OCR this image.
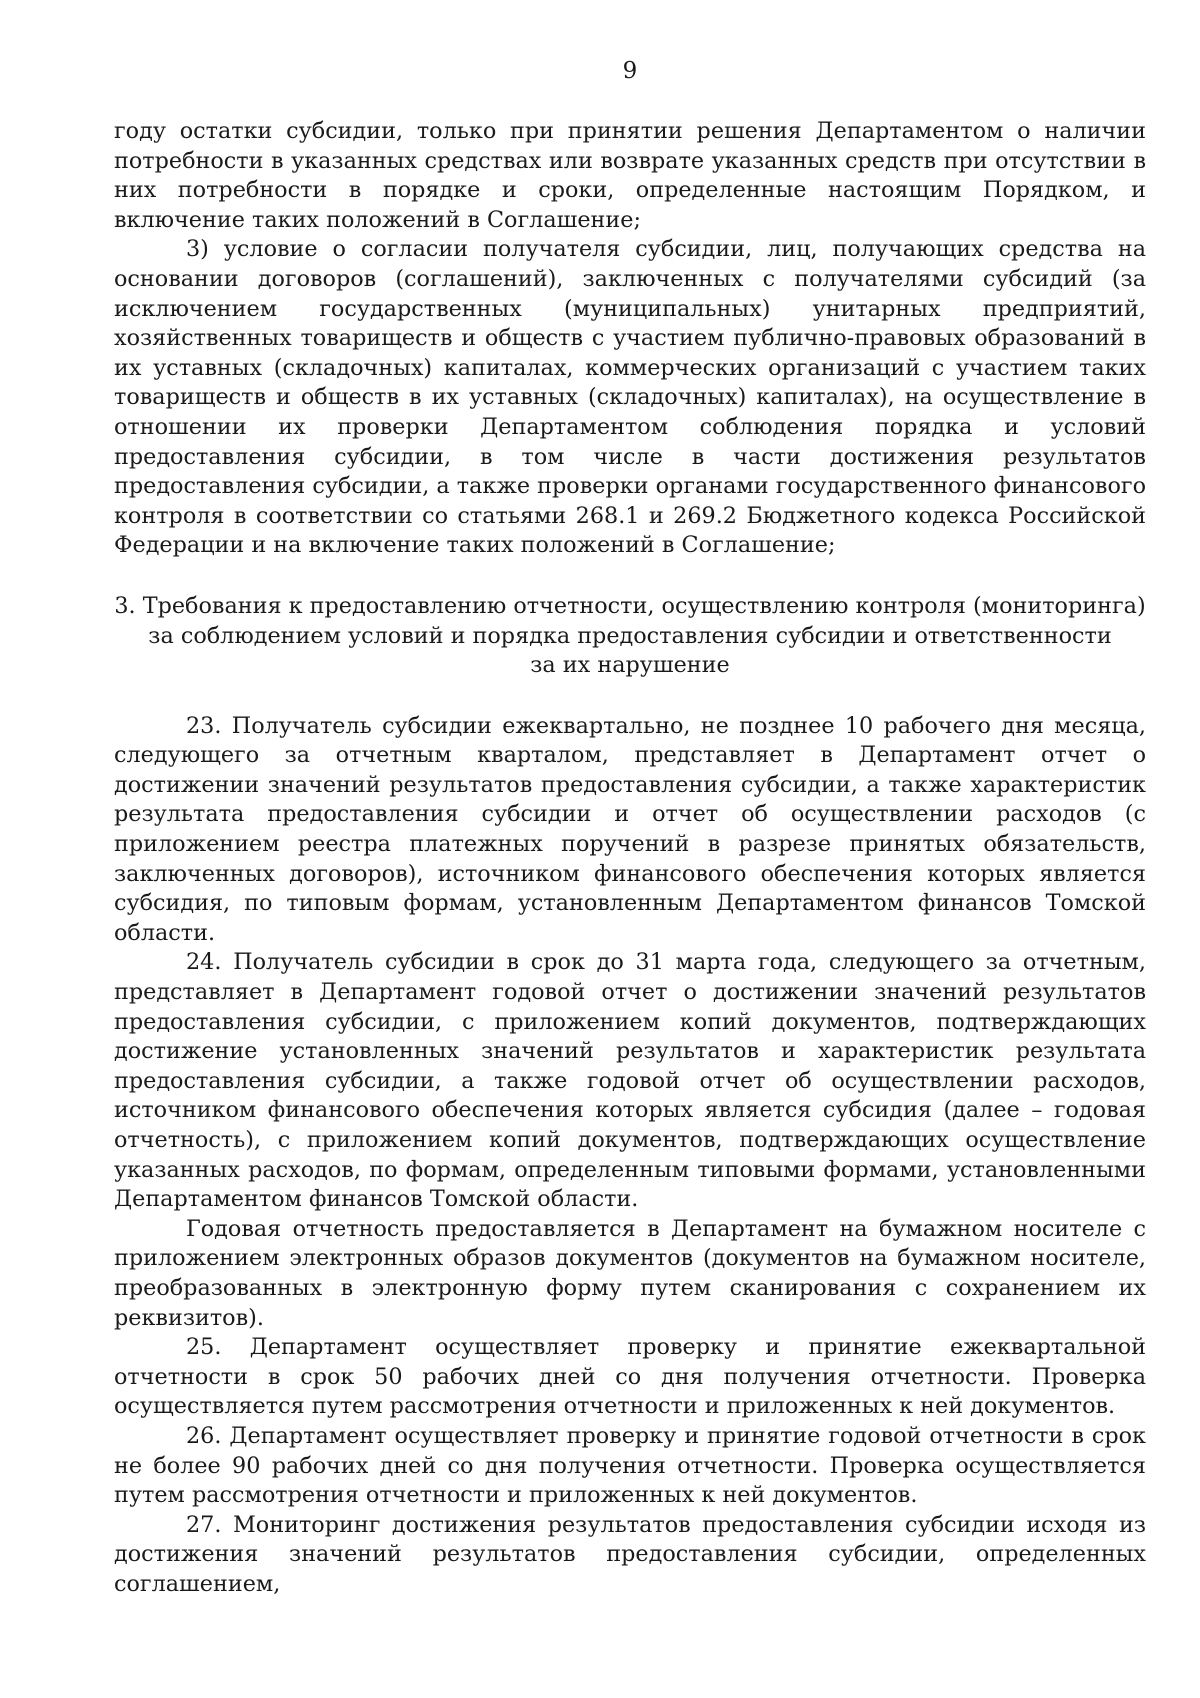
9

году остатки субсидии, только при принятии решения Департаментом о наличии потребности в указанных средствах или возврате указанных средств при отсутствии в них потребности в порядке и сроки, определенные настоящим Порядком, и включение таких положений в Соглашение;

3) условие о согласии получателя субсидии, лиц, получающих средства на основании договоров (соглашений), заключенных с получателями субсидий (за исключением государственных (муниципальных) унитарных предприятий, хозяйственных товариществ и обществ с участием публично-правовых образований в их уставных (складочных) капиталах, коммерческих организаций с участием таких товариществ и обществ в их уставных (складочных) капиталах), на осуществление в отношении их проверки Департаментом соблюдения порядка и условий предоставления субсидии, в том числе в части достижения результатов предоставления субсидии, а также проверки органами государственного финансового контроля в соответствии со статьями 268.1 и 269.2 Бюджетного кодекса Российской Федерации и на включение таких положений в Соглашение;

3. Требования к предоставлению отчетности, осуществлению контроля (мониторинга)
за соблюдением условий и порядка предоставления субсидии и ответственности
за их нарушение

23. Получатель субсидии ежеквартально, не позднее 10 рабочего дня месяца, следующего за отчетным кварталом, представляет в Департамент отчет о достижении значений результатов предоставления субсидии, а также характеристик результата предоставления субсидии и отчет об осуществлении расходов (с приложением реестра платежных поручений в разрезе принятых обязательств, заключенных договоров), источником финансового обеспечения которых является субсидия, по типовым формам, установленным Департаментом финансов Томской области.

24. Получатель субсидии в срок до 31 марта года, следующего за отчетным, представляет в Департамент годовой отчет о достижении значений результатов предоставления субсидии, с приложением копий документов, подтверждающих достижение установленных значений результатов и характеристик результата предоставления субсидии, а также годовой отчет об осуществлении расходов, источником финансового обеспечения которых является субсидия (далее – годовая отчетность), с приложением копий документов, подтверждающих осуществление указанных расходов, по формам, определенным типовыми формами, установленными Департаментом финансов Томской области.

Годовая отчетность предоставляется в Департамент на бумажном носителе с приложением электронных образов документов (документов на бумажном носителе, преобразованных в электронную форму путем сканирования с сохранением их реквизитов).

25. Департамент осуществляет проверку и принятие ежеквартальной отчетности в срок 50 рабочих дней со дня получения отчетности. Проверка осуществляется путем рассмотрения отчетности и приложенных к ней документов.

26. Департамент осуществляет проверку и принятие годовой отчетности в срок не более 90 рабочих дней со дня получения отчетности. Проверка осуществляется путем рассмотрения отчетности и приложенных к ней документов.

27. Мониторинг достижения результатов предоставления субсидии исходя из достижения значений результатов предоставления субсидии, определенных соглашением,
